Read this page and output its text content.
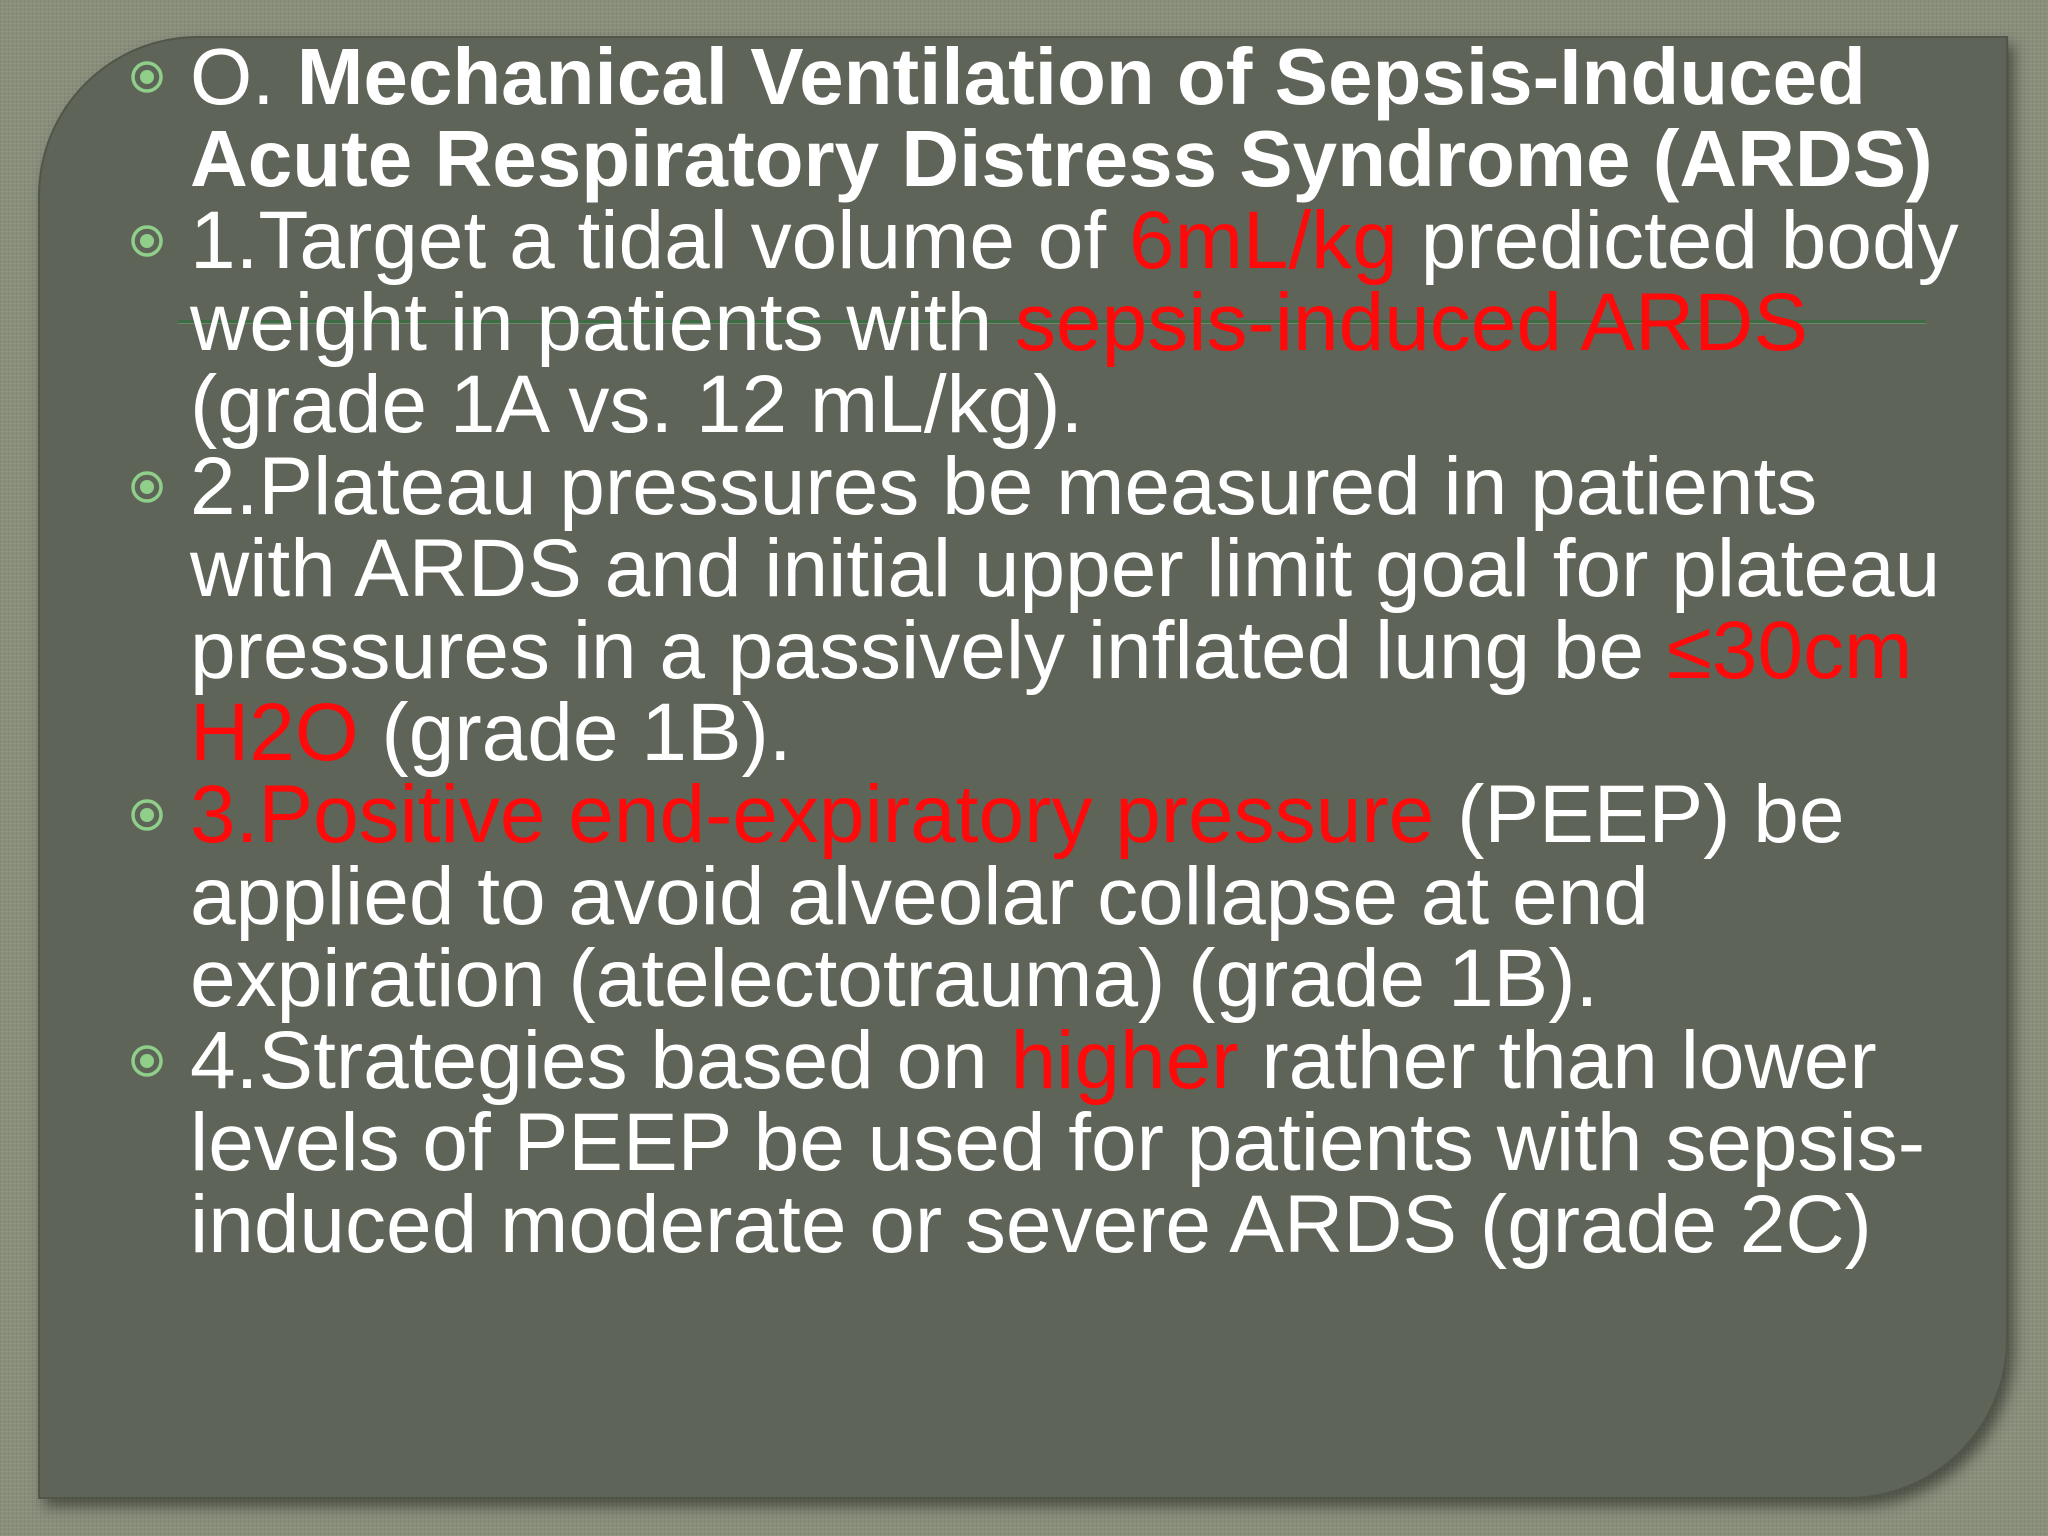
O. Mechanical Ventilation of Sepsis-Induced Acute Respiratory Distress Syndrome (ARDS)
1.Target a tidal volume of 6mL/kg predicted body weight in patients with sepsis-induced ARDS (grade 1A vs. 12 mL/kg).
2.Plateau pressures be measured in patients with ARDS and initial upper limit goal for plateau pressures in a passively inflated lung be ≤30cm H2O (grade 1B).
3.Positive end-expiratory pressure (PEEP) be applied to avoid alveolar collapse at end expiration (atelectotrauma) (grade 1B).
4.Strategies based on higher rather than lower levels of PEEP be used for patients with sepsis- induced moderate or severe ARDS (grade 2C)
